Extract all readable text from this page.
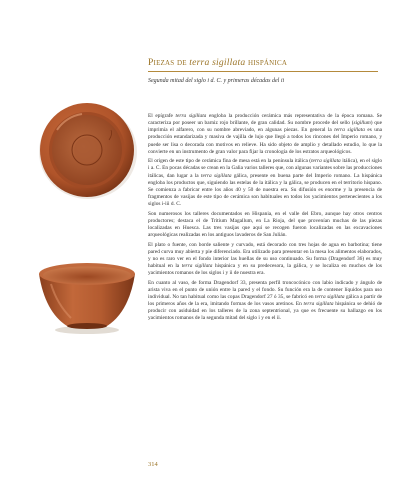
Piezas de terra sigillata hispánica
Segunda mitad del siglo i d. C. y primeras décadas del ii

El epígrafe terra sigillata engloba la producción cerámica más representativa de la época romana. Se caracteriza por poseer un barniz rojo brillante, de gran calidad. Su nombre procede del sello (sigillum) que imprimía el alfarero, con su nombre abreviado, en algunas piezas. En general la terra sigillata es una producción estandarizada y masiva de vajilla de lujo que llegó a todos los rincones del Imperio romano, y puede ser lisa o decorada con motivos en relieve. Ha sido objeto de amplio y detallado estudio, lo que la convierte en un instrumento de gran valor para fijar la cronología de los estratos arqueológicos.

El origen de este tipo de cerámica fina de mesa está en la península itálica (terra sigillata itálica), en el siglo i a. C. En pocas décadas se crean en la Galia varios talleres que, con algunas variantes sobre las producciones itálicas, dan lugar a la terra sigillata gálica, presente en buena parte del Imperio romano. La hispánica engloba los productos que, siguiendo las estelas de la itálica y la gálica, se producen en el territorio hispano. Se comienza a fabricar entre los años 40 y 50 de nuestra era. Su difusión es enorme y la presencia de fragmentos de vasijas de este tipo de cerámica son habituales en todos los yacimientos pertenecientes a los siglos i-iii d. C.

Son numerosos los talleres documentados en Hispania, en el valle del Ebro, aunque hay otros centros productores; destaca el de Tritium Magallum, en La Rioja, del que provenían muchas de las piezas localizadas en Huesca. Las tres vasijas que aquí se recogen fueron localizadas en las excavaciones arqueológicas realizadas en los antiguos lavaderos de San Julián.

El plato o fuente, con borde saliente y curvado, está decorado con tres hojas de agua en barbotina; tiene pared curva muy abierta y pie diferenciado. Era utilizado para presentar en la mesa los alimentos elaborados, y no es raro ver en el fondo interior las huellas de su uso continuado. Su forma (Dragendorf 36) es muy habitual en la terra sigillata hispánica y en su predecesora, la gálica, y se localiza en muchos de los yacimientos romanos de los siglos i y ii de nuestra era.

En cuanto al vaso, de forma Dragendorf 33, presenta perfil troncocónico con labio indicado y ángulo de arista viva en el punto de unión entre la pared y el fondo. Su función era la de contener líquidos para uso individual. No tan habitual como las copas Dragendorf 27 ó 35, se fabricó en terra sigillata gálica a partir de los primeros años de la era, imitando formas de los vasos aretinos. En terra sigillata hispánica se dehió de producir con asiduidad en los talleres de la zona septentrional, ya que es frecuente su hallazgo en los yacimientos romanos de la segunda mitad del siglo i y en el ii.

314
